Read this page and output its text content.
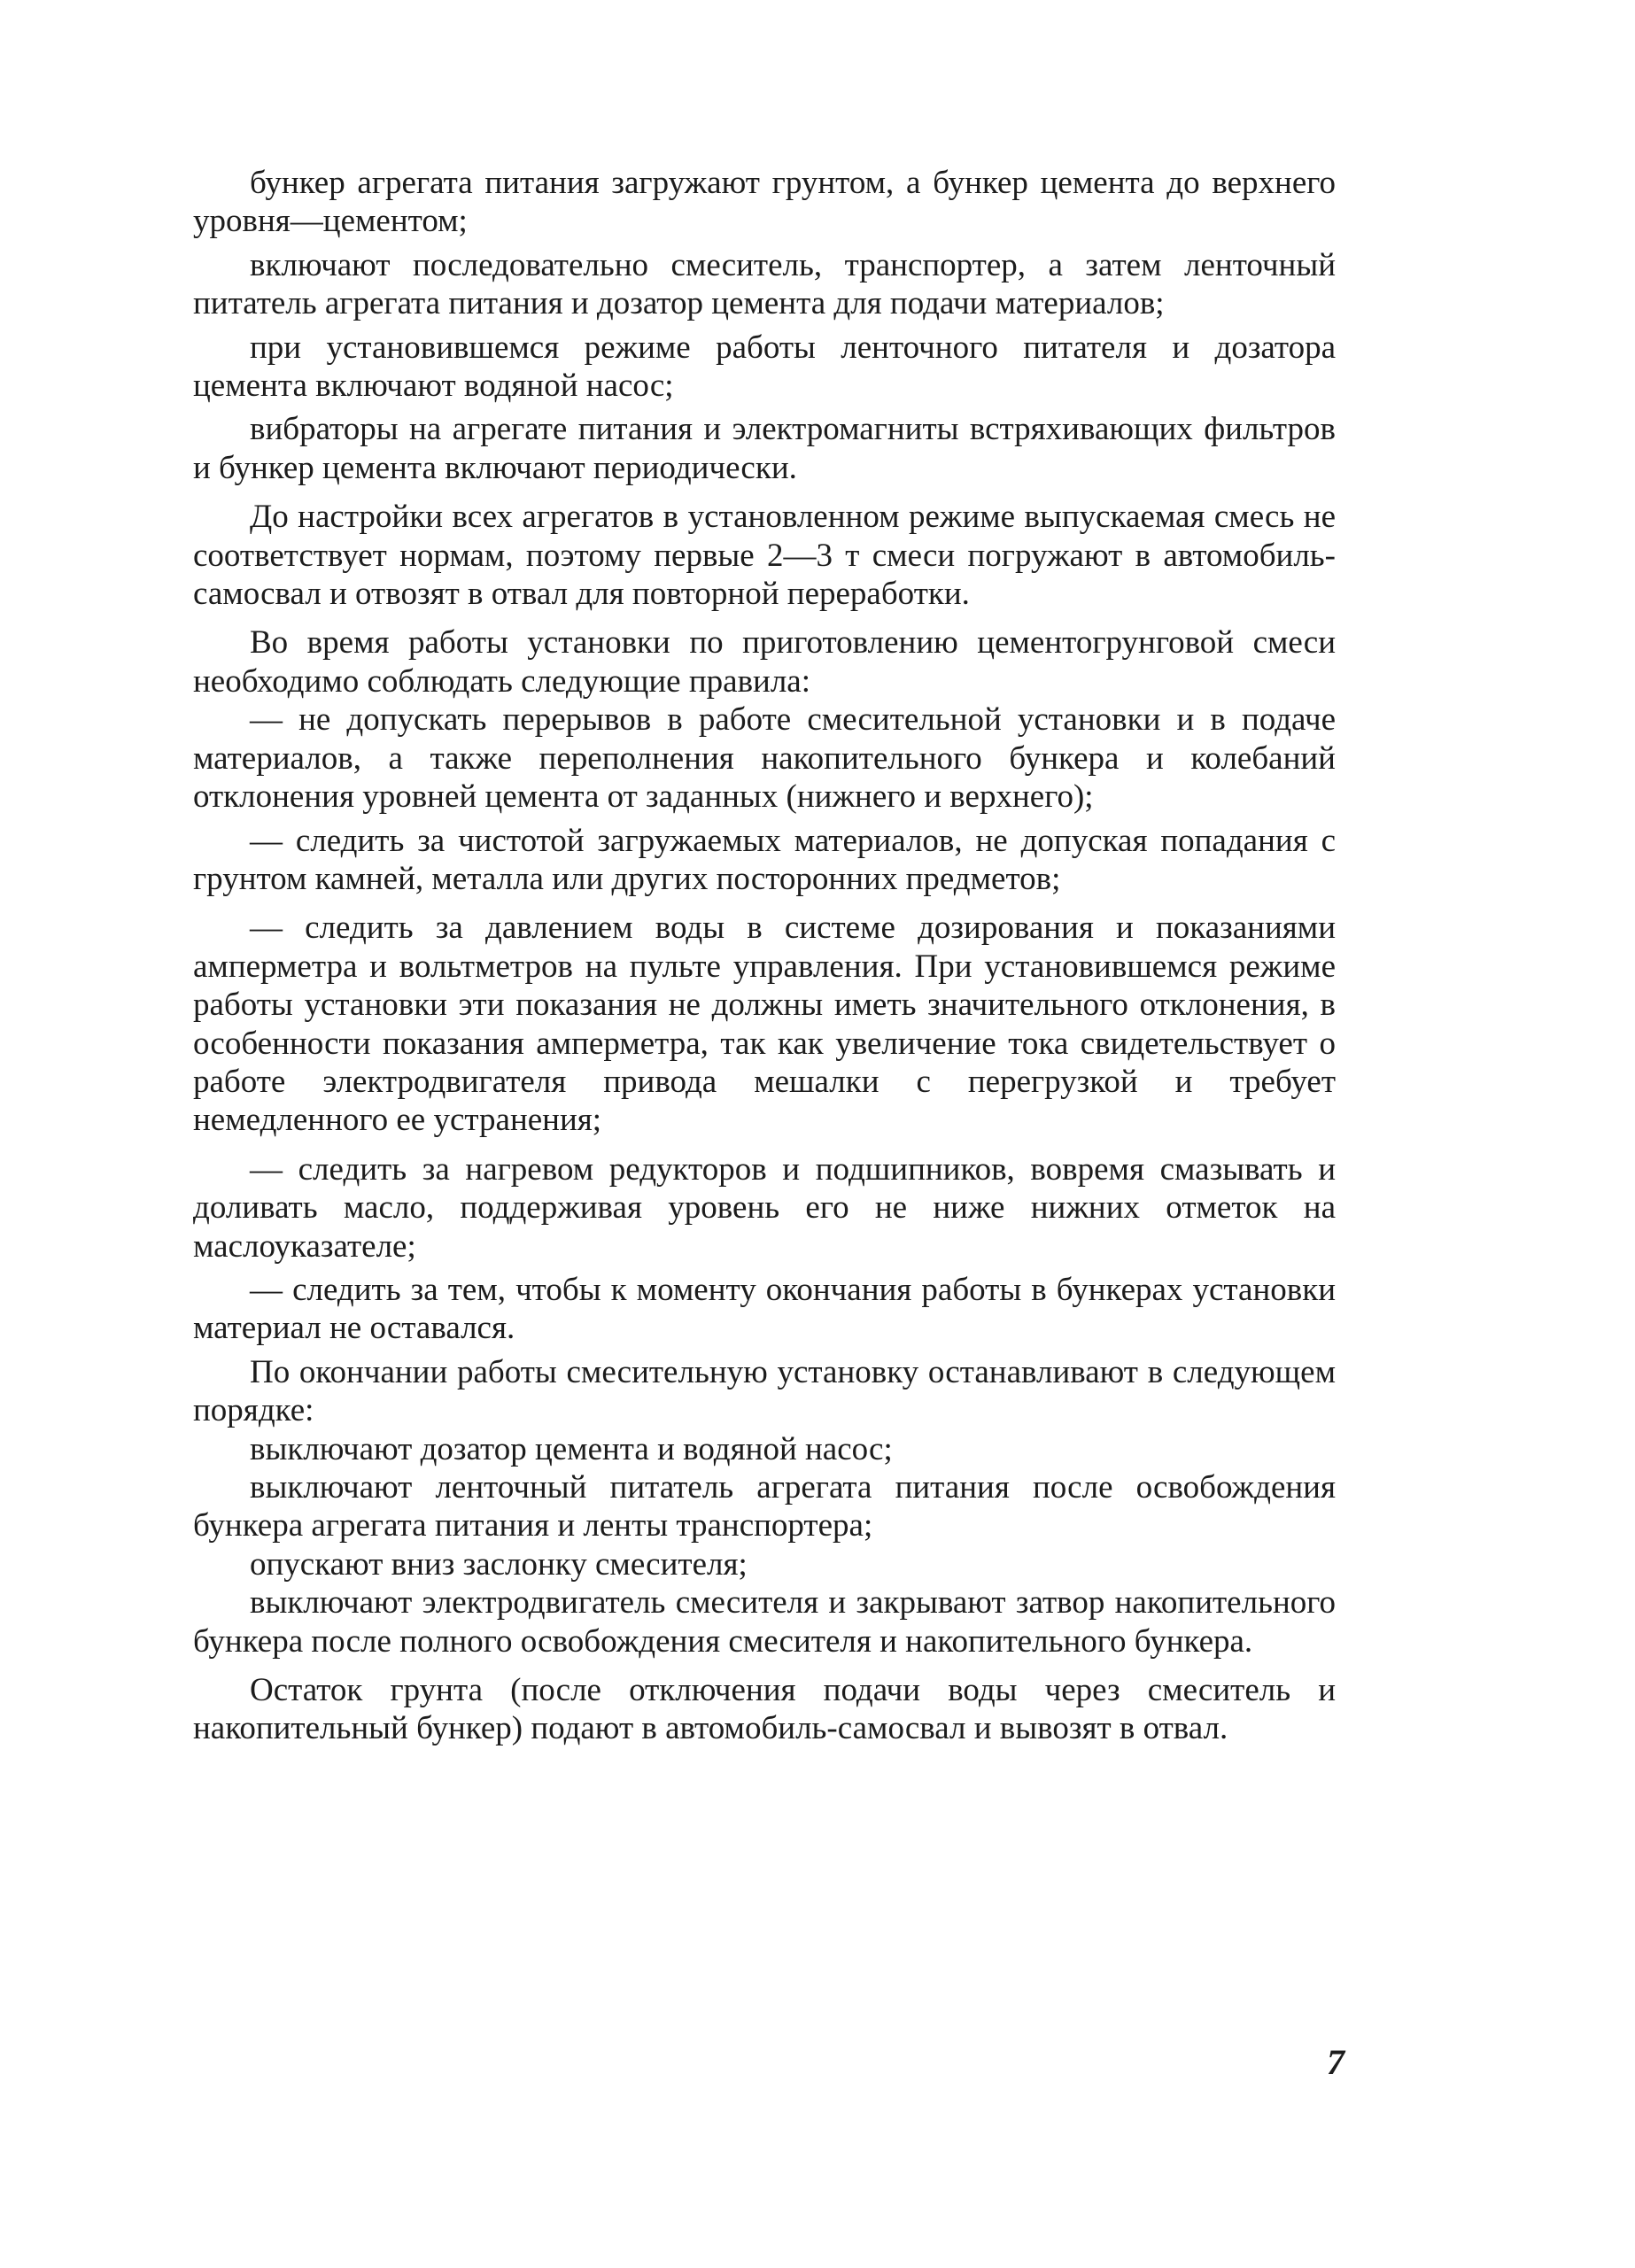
бункер агрегата питания загружают грунтом, а бункер цемента до верхнего уровня—цементом;

включают последовательно смеситель, транспортер, а затем ленточный питатель агрегата питания и дозатор цемента для подачи материалов;

при установившемся режиме работы ленточного питателя и дозатора цемента включают водяной насос;

вибраторы на агрегате питания и электромагниты встряхивающих фильтров и бункер цемента включают периодически.

До настройки всех агрегатов в установленном режиме выпускаемая смесь не соответствует нормам, поэтому первые 2—3 т смеси погружают в автомобиль-самосвал и отвозят в отвал для повторной переработки.

Во время работы установки по приготовлению цементогрунговой смеси необходимо соблюдать следующие правила:

— не допускать перерывов в работе смесительной установки и в подаче материалов, а также переполнения накопительного бункера и колебаний отклонения уровней цемента от заданных (нижнего и верхнего);

— следить за чистотой загружаемых материалов, не допуская попадания с грунтом камней, металла или других посторонних предметов;

— следить за давлением воды в системе дозирования и показаниями амперметра и вольтметров на пульте управления. При установившемся режиме работы установки эти показания не должны иметь значительного отклонения, в особенности показания амперметра, так как увеличение тока свидетельствует о работе электродвигателя привода мешалки с перегрузкой и требует немедленного ее устранения;

— следить за нагревом редукторов и подшипников, вовремя смазывать и доливать масло, поддерживая уровень его не ниже нижних отметок на маслоуказателе;

— следить за тем, чтобы к моменту окончания работы в бункерах установки материал не оставался.

По окончании работы смесительную установку останавливают в следующем порядке:

выключают дозатор цемента и водяной насос;

выключают ленточный питатель агрегата питания после освобождения бункера агрегата питания и ленты транспортера;

опускают вниз заслонку смесителя;

выключают электродвигатель смесителя и закрывают затвор накопительного бункера после полного освобождения смесителя и накопительного бункера.

Остаток грунта (после отключения подачи воды через смеситель и накопительный бункер) подают в автомобиль-самосвал и вывозят в отвал.

7
